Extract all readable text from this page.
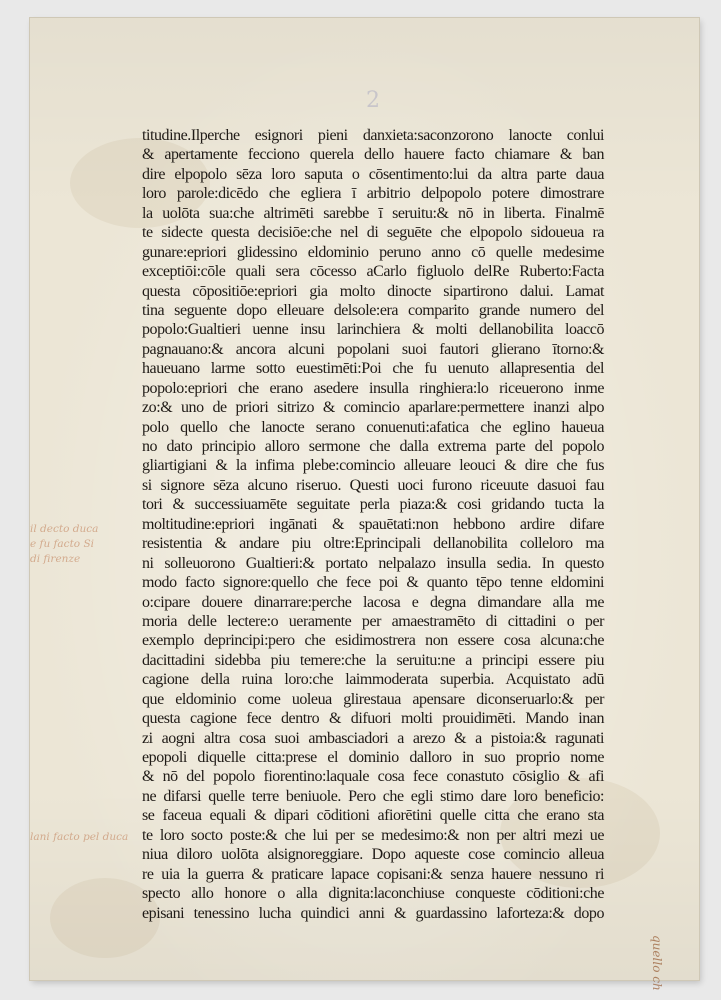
2
titudine.Ilperche esignori pieni danxieta:saconzorono lanocte conlui
& apertamente fecciono querela dello hauere facto chiamare & ban
dire elpopolo sēza loro saputa o cōsentimento:lui da altra parte daua
loro parole:dicēdo che egliera ī arbitrio delpopolo potere dimostrare
la uolōta sua:che altrimēti sarebbe ī seruitu:& nō in liberta. Finalmē
te sidecte questa decisiōe:che nel di seguēte che elpopolo sidoueua ra
gunare:epriori glidessino eldominio peruno anno cō quelle medesime
exceptiōi:cōle quali sera cōcesso aCarlo figluolo delRe Ruberto:Facta
questa cōpositiōe:epriori gia molto dinocte sipartirono dalui. Lamat
tina seguente dopo elleuare delsole:era comparito grande numero del
popolo:Gualtieri uenne insu larinchiera & molti dellanobilita loaccō
pagnauano:& ancora alcuni popolani suoi fautori glierano ītorno:&
haueuano larme sotto euestimēti:Poi che fu uenuto allapresentia del
popolo:epriori che erano asedere insulla ringhiera:lo riceuerono inme
zo:& uno de priori sitrizo & comincio aparlare:permettere inanzi alpo
polo quello che lanocte serano conuenuti:afatica che eglino haueua
no dato principio alloro sermone che dalla extrema parte del popolo
gliartigiani & la infima plebe:comincio alleuare leouci & dire che fus
si signore sēza alcuno riseruo. Questi uoci furono riceuute dasuoi fau
tori & successiuamēte seguitate perla piaza:& cosi gridando tucta la
moltitudine:epriori ingānati & spauētati:non hebbono ardire difare
resistentia & andare piu oltre:Eprincipali dellanobilita colleloro ma
ni solleuorono Gualtieri:& portato nelpalazo insulla sedia. In questo
modo facto signore:quello che fece poi & quanto tēpo tenne eldomini
o:cipare douere dinarrare:perche lacosa e degna dimandare alla me
moria delle lectere:o ueramente per amaestramēto di cittadini o per
exemplo deprincipi:pero che esidimostrera non essere cosa alcuna:che
dacittadini sidebba piu temere:che la seruitu:ne a principi essere piu
cagione della ruina loro:che laimmoderata superbia. Acquistato adū
que eldominio come uoleua glirestaua apensare diconseruarlo:& per
questa cagione fece dentro & difuori molti prouidimēti. Mando inan
zi aogni altra cosa suoi ambasciadori a arezo & a pistoia:& ragunati
epopoli diquelle citta:prese el dominio dalloro in suo proprio nome
& nō del popolo fiorentino:laquale cosa fece conastuto cōsiglio & afi
ne difarsi quelle terre beniuole. Pero che egli stimo dare loro beneficio:
se faceua equali & dipari cōditioni afiorētini quelle citta che erano sta
te loro socto poste:& che lui per se medesimo:& non per altri mezi ue
niua diloro uolōta alsignoreggiare. Dopo aqueste cose comincio alleua
re uia la guerra & praticare lapace copisani:& senza hauere nessuno ri
specto allo honore o alla dignita:laconchiuse conqueste cōditioni:che
episani tenessino lucha quindici anni & guardassino laforteza:& dopo
il decto duca
e fu facto Si
di firenze
lani facto pel duca
quello ch
